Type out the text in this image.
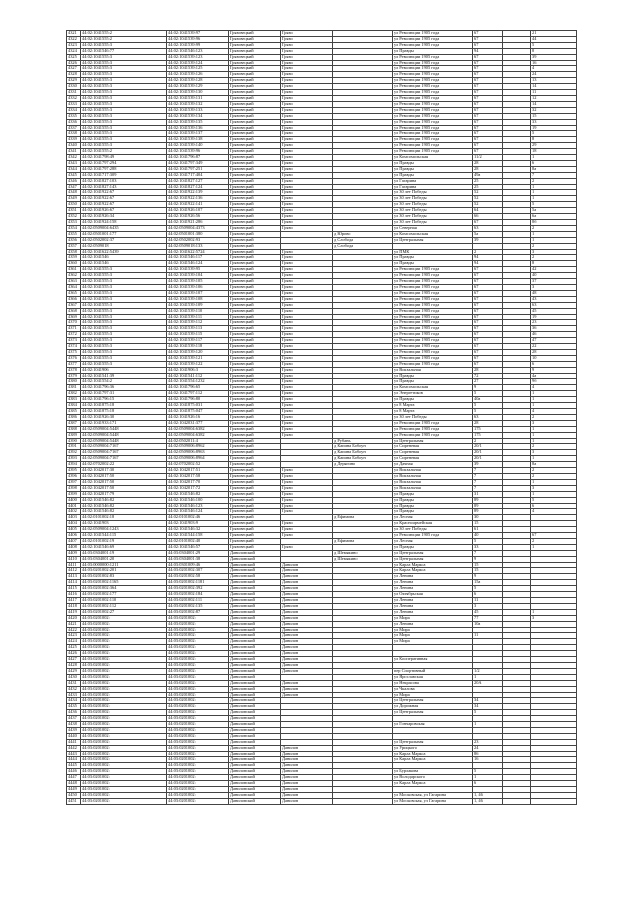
4321	44:02:1041555:2	44:02:1041539:97	Грязовецкий	Грязи		ул Революции 1905 года	67		21
4322	44:02:1041555:2	44:02:1041539:96	Грязовецкий	Грязи		ул Революции 1905 года	67		44
4323	44:02:1041555:3	44:02:1041539:99	Грязовецкий	Грязи		ул Революции 1905 года	67		5
4324	44:02:1041546:77	44:02:1041546:123	Грязовецкий	Грязи		ул Правды	94		8
4325	44:02:1041555:3	44:02:1041539:123	Грязовецкий	Грязи		ул Революции 1905 года	67		39
4326	44:02:1041555:3	44:02:1041539:124	Грязовецкий	Грязи		ул Революции 1905 года	67		16
4327	44:02:1041555:3	44:02:1041539:125	Грязовецкий	Грязи		ул Революции 1905 года	67		4
4328	44:02:1041555:3	44:02:1041539:126	Грязовецкий	Грязи		ул Революции 1905 года	67		24
4329	44:02:1041555:3	44:02:1041539:128	Грязовецкий	Грязи		ул Революции 1905 года	67		13
4330	44:02:1041555:3	44:02:1041539:129	Грязовецкий	Грязи		ул Революции 1905 года	67		14
4331	44:02:1041555:3	44:02:1041539:130	Грязовецкий	Грязи		ул Революции 1905 года	67		11
4332	44:02:1041555:3	44:02:1041539:131	Грязовецкий	Грязи		ул Революции 1905 года	67		12
4333	44:02:1041555:3	44:02:1041539:132	Грязовецкий	Грязи		ул Революции 1905 года	67		14
4334	44:02:1041555:3	44:02:1041539:133	Грязовецкий	Грязи		ул Революции 1905 года	67		32
4335	44:02:1041555:3	44:02:1041539:134	Грязовецкий	Грязи		ул Революции 1905 года	67		15
4336	44:02:1041555:3	44:02:1041539:135	Грязовецкий	Грязи		ул Революции 1905 года	67		33
4337	44:02:1041555:3	44:02:1041539:136	Грязовецкий	Грязи		ул Революции 1905 года	67		19
4338	44:02:1041555:3	44:02:1041539:137	Грязовецкий	Грязи		ул Революции 1905 года	67		5
4339	44:02:1041555:3	44:02:1041539:138	Грязовецкий	Грязи		ул Революции 1905 года	67		8
4340	44:02:1041555:3	44:02:1041539:140	Грязовецкий	Грязи		ул Революции 1905 года	67		29
4341	44:02:1041555:2	44:02:1041539:96	Грязовецкий	Грязи		ул Революции 1905 года	67		18
4342	44:02:1041798:49	44:02:1041796:87	Грязовецкий	Грязи		ул Комсомольская	11/2		1
4343	44:02:1041797:294	44:02:1041797:349	Грязовецкий	Грязи		ул Правды	28		6
4344	44:02:1041797:288	44:02:1041797:251	Грязовецкий	Грязи		ул Правды	28		8а
4345	44:02:1041717:309	44:02:1041717:404	Грязовецкий	Грязи		ул Правды	49а		7
4346	44:02:1041827:103	44:02:1041827:127	Грязовецкий	Грязи		ул Гагарина	25		2
4347	44:02:1041827:143	44:02:1041827:124	Грязовецкий	Грязи		ул Гагарина	25		1
4348	44:02:1041922:67	44:02:1041922:139	Грязовецкий	Грязи		ул 30 лет Победы	52		1
4349	44:02:1041922:67	44:02:1041922:136	Грязовецкий	Грязи		ул 30 лет Победы	52		1
4350	44:02:1041922:67	44:02:1041922:141	Грязовецкий	Грязи		ул 30 лет Победы	52		5
4351	44:02:1041926:67	44:02:1041926:107	Грязовецкий	Грязи		ул 30 лет Победы	64		5а
4352	44:02:1041926:34	44:02:1041926:56	Грязовецкий	Грязи		ул 30 лет Победы	66		6а
4353	44:02:1041924:158	44:02:1041921:286	Грязовецкий	Грязи		ул 30 лет Победы	67		8б
4354	44:02:0509004:6435	44:02:0509004:4373	Грязовецкий	Грязи		ул Северная	63		2
4355	44:02:0501001:177	44:02:0501001:380	Грязовецкий		д Юрово	ул Комсомольская	5а		1
4356	44:02:0502002:37	44:02:0502002:93	Грязовецкий		д Слобода	ул Центральная	39		1
4357	44:02:0509018	44:02:0509018:133	Грязовецкий		д Слобода				2
4358	44:02:1041622:5439	44:02:1041622:5724	Грязовецкий	Грязи		ул ПМК	2		3
4359	44:02:1041546	44:02:1041546:117	Грязовецкий	Грязи		ул Правды	94		2
4360	44:02:1041546	44:02:1041546:124	Грязовецкий	Грязи		ул Правды	94		8
4361	44:02:1041555:3	44:02:1041539:95	Грязовецкий	Грязи		ул Революции 1905 года	67		42
4362	44:02:1041555:3	44:02:1041539:104	Грязовецкий	Грязи		ул Революции 1905 года	67		40
4363	44:02:1041555:3	44:02:1041539:105	Грязовецкий	Грязи		ул Революции 1905 года	67		37
4364	44:02:1041555:3	44:02:1041539:106	Грязовецкий	Грязи		ул Революции 1905 года	67		3
4365	44:02:1041555:3	44:02:1041539:107	Грязовецкий	Грязи		ул Революции 1905 года	67		48
4366	44:02:1041555:3	44:02:1041539:108	Грязовецкий	Грязи		ул Революции 1905 года	67		43
4367	44:02:1041555:3	44:02:1041539:109	Грязовецкий	Грязи		ул Революции 1905 года	67		63
4368	44:02:1041555:3	44:02:1041539:110	Грязовецкий	Грязи		ул Революции 1905 года	67		45
4369	44:02:1041555:3	44:02:1041539:111	Грязовецкий	Грязи		ул Революции 1905 года	67		19
4370	44:02:1041555:3	44:02:1041539:112	Грязовецкий	Грязи		ул Революции 1905 года	67		23
4371	44:02:1041555:3	44:02:1041539:113	Грязовецкий	Грязи		ул Революции 1905 года	67		36
4372	44:02:1041555:3	44:02:1041539:115	Грязовецкий	Грязи		ул Революции 1905 года	67		46
4373	44:02:1041555:3	44:02:1041539:117	Грязовецкий	Грязи		ул Революции 1905 года	67		47
4374	44:02:1041555:3	44:02:1041539:118	Грязовецкий	Грязи		ул Революции 1905 года	67		22
4375	44:02:1041555:3	44:02:1041539:120	Грязовецкий	Грязи		ул Революции 1905 года	67		28
4376	44:02:1041555:3	44:02:1041539:121	Грязовецкий	Грязи		ул Революции 1905 года	67		10
4377	44:02:1041555:3	44:02:1041539:122	Грязовецкий	Грязи		ул Революции 1905 года	67		6
4378	44:02:1041906	44:02:1041906:3	Грязовецкий	Грязи		ул Вокзальная	28		9
4379	44:02:1041541:39	44:02:1041541:112	Грязовецкий	Грязи		ул Правды	72		4а
4380	44:02:1041554:2	44:02:1041554:1232	Грязовецкий	Грязи		ул Правды	27		9б
4381	44:02:1041796:36	44:02:1041796:65	Грязовецкий	Грязи		ул Комсомольская	9		4
4382	44:02:1041797:31	44:02:1041797:112	Грязовецкий	Грязи		ул Энергетиков	5		1
4383	44:02:1041796:15	44:02:1041796:80	Грязовецкий	Грязи		ул Правды	40а		1
4384	44:02:1041875:18	44:02:1041875:031	Грязовецкий	Грязи		ул 8 Марта	5		1
4385	44:02:1041875:18	44:02:1041875:047	Грязовецкий	Грязи		ул 8 Марта	5		4
4386	44:02:1041926:30	44:02:1041926:16	Грязовецкий	Грязи		ул 30 лет Победы	63		2
4387	44:02:1041933:171	44:02:1042031:377	Грязовецкий	Грязи		ул Революции 1905 года	28		3
4388	44:02:0509004:5448	44:02:0509004:6382	Грязовецкий	Грязи		ул Революции 1905 года	175		1
4389	44:02:0509004:5448	44:02:0509004:6382	Грязовецкий	Грязи		ул Революции 1905 года	175		1
4390	44:02:0509004:5448	44:02:0502011:4	Грязовецкий		д Рубань	ул Центральная	2		1
4391	44:02:0509004:7167	44:02:0509006:8962	Грязовецкий		д Капина Бобоун	ул Сиреневая	20/1		2
4392	44:02:0509004:7167	44:02:0509006:8963	Грязовецкий		д Капина Бобоун	ул Сиреневая	20/1		3
4393	44:02:0509004:7167	44:02:0509006:8964	Грязовецкий		д Капина Бобоун	ул Сиреневая	20/1		1
4394	44:02:0702002:22	44:02:0702002:52	Грязовецкий		д Дерягино	ул Дачная	39		8а
4395	44:02:1042017:30	44:02:1042017:51	Грязовецкий	Грязи		ул Вокзальная	7		2
4396	44:02:1042017:50	44:02:1042017:58	Грязовецкий	Грязи		ул Вокзальная	7		2
4397	44:02:1042017:50	44:02:1042017:70	Грязовецкий	Грязи		ул Вокзальная	7		1
4398	44:02:1042017:50	44:02:1042017:72	Грязовецкий	Грязи		ул Вокзальная	7		3
4399	44:02:1042017:79	44:02:1041546:82	Грязовецкий	Грязи		ул Правды	31		1
4400	44:02:1041546:82	44:02:1041546:100	Грязовецкий	Грязи		ул Правды	89		5
4401	44:02:1041546:82	44:02:1041546:123	Грязовецкий	Грязи		ул Правды	89		6
4402	44:02:1041546:82	44:02:1041546:124	Грязовецкий	Грязи		ул Правды	89		4
4403	44:02:0101002:18	44:02:0101002:46	Грязовецкий		д Ефимова	ул Лесная	30		
4404	44:02:1041903	44:02:1041903:9	Грязовецкий	Грязи		ул Красноармейская	15		
4405	44:02:0509004:1243	44:02:1041546:32	Грязовецкий	Грязи		ул 30 лет Победы	61		
4406	44:02:1041544:115	44:02:1041544:158	Грязовецкий	Грязи		ул Революции 1905 года	40		67
4407	44:02:0101002:19	44:02:0101002:40	Грязовецкий		д Ефимова	ул Лесная	5		2
4408	44:02:1041546:69	44:02:1041546:57	Грязовецкий	Грязи		ул Правды	33		1
4409	44:03:0304001:19	44:03:0304001:29	Даниловский		д Шемякино	ул Центральная	7		
4410	44:03:0304001:20	44:03:0304001:38	Даниловский		д Шемякино	ул Центральная	9		
4411	44:03:0000000:1211	44:03:0301009:46	Даниловский	Данилов		ул Карла Маркса	15		
4412	44:03:0201002:201	44:03:0201002:307	Даниловский	Данилов		ул Карла Маркса	15		
4413	44:03:0201002:83	44:03:0201002:58	Даниловский	Данилов		ул Ленина	9		
4414	44:03:0201002:1165	44:03:0201002:1181	Даниловский	Данилов		ул Ленина	15а		
4415	44:03:0201002:364	44:03:0201002:392	Даниловский	Данилов		ул Ленина	5		
4416	44:03:0201002:177	44:03:0201002:184	Даниловский	Данилов		ул Октябрьская	6		
4417	44:03:0201002:110	44:03:0201002:111	Даниловский	Данилов		ул Ленина	11		
4418	44:03:0201002:112	44:03:0201002:135	Даниловский	Данилов		ул Ленина	3		
4419	44:03:0201002:27	44:03:0201002:87	Даниловский	Данилов		ул Ленина	45		1
4420	44:03:0201002:	44:03:0201002:	Даниловский	Данилов		ул Мира	77		3
4421	44:03:0201002:	44:03:0201002:	Даниловский	Данилов		ул Ленина	10а		
4422	44:03:0201002:	44:03:0201002:	Даниловский	Данилов		ул Мира			
4423	44:03:0201002:	44:03:0201002:	Даниловский	Данилов		ул Мира	11		
4424	44:03:0201002:	44:03:0201002:	Даниловский	Данилов		ул Мира			
4425	44:03:0201002:	44:03:0201002:	Даниловский	Данилов					
4426	44:03:0201002:	44:03:0201002:	Даниловский	Данилов					
4427	44:03:0201002:	44:03:0201002:	Даниловский	Данилов		ул Кооперативная			
4428	44:03:0201002:	44:03:0201002:	Даниловский	Данилов					
4429	44:03:0201002:	44:03:0201002:	Даниловский	Данилов		пер Спортивный	1/2		
4430	44:03:0201002:	44:03:0201002:	Даниловский			ул Ярославская	1		
4431	44:03:0201002:	44:03:0201002:	Даниловский	Данилов		ул Некрасова	20А		
4432	44:03:0201002:	44:03:0201002:	Даниловский	Данилов		ул Чкалова			
4433	44:03:0201002:	44:03:0201002:	Даниловский	Данилов		ул Мира			
4434	44:03:0201002:	44:03:0201002:	Даниловский			ул Центральная	34		
4435	44:03:0201002:	44:03:0201002:	Даниловский			ул Дорожная	34		
4436	44:03:0201002:	44:03:0201002:	Даниловский			ул Центральная	5		
4437	44:03:0201002:	44:03:0201002:	Даниловский						
4438	44:03:0201002:	44:03:0201002:	Даниловский			ул Гончаровская	1		
4439	44:03:0201002:	44:03:0201002:	Даниловский						
4440	44:03:0201002:	44:03:0201002:	Даниловский						
4441	44:03:0201002:	44:03:0201002:	Даниловский			ул Центральная	23		
4442	44:03:0201002:	44:03:0201002:	Даниловский	Данилов		ул Урицкого	24		
4443	44:03:0201002:	44:03:0201002:	Даниловский	Данилов		ул Карла Маркса	86		
4444	44:03:0201002:	44:03:0201002:	Даниловский	Данилов		ул Карла Маркса	16		
4445	44:03:0201002:	44:03:0201002:	Даниловский	Данилов					
4446	44:03:0201002:	44:03:0201002:	Даниловский	Данилов		ул Бурлакова	5		
4447	44:03:0201002:	44:03:0201002:	Даниловский	Данилов		ул Володарского	1		
4448	44:03:0201002:	44:03:0201002:	Даниловский	Данилов		ул Карла Маркса	6		
4449	44:03:0201002:	44:03:0201002:	Даниловский	Данилов					
4450	44:03:0201002:	44:03:0201002:	Даниловский	Данилов		ул Московская, ул Гагарина	1, 46		
4451	44:03:0201002:	44:03:0201002:	Даниловский	Данилов		ул Московская, ул Гагарина	1, 46		
